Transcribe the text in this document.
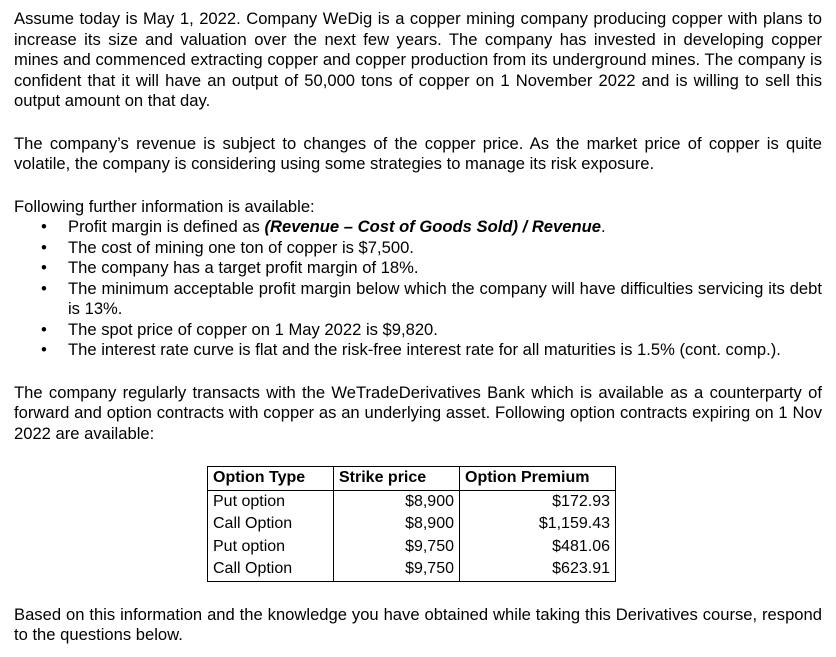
Assume today is May 1, 2022. Company WeDig is a copper mining company producing copper with plans to increase its size and valuation over the next few years. The company has invested in developing copper mines and commenced extracting copper and copper production from its underground mines. The company is confident that it will have an output of 50,000 tons of copper on 1 November 2022 and is willing to sell this output amount on that day.

The company’s revenue is subject to changes of the copper price. As the market price of copper is quite volatile, the company is considering using some strategies to manage its risk exposure.

Following further information is available:

• Profit margin is defined as (Revenue – Cost of Goods Sold) / Revenue.
• The cost of mining one ton of copper is $7,500.
• The company has a target profit margin of 18%.
• The minimum acceptable profit margin below which the company will have difficulties servicing its debt is 13%.
• The spot price of copper on 1 May 2022 is $9,820.
• The interest rate curve is flat and the risk-free interest rate for all maturities is 1.5% (cont. comp.).

The company regularly transacts with the WeTradeDerivatives Bank which is available as a counterparty of forward and option contracts with copper as an underlying asset. Following option contracts expiring on 1 Nov 2022 are available:

Option Type	Strike price	Option Premium
Put option	$8,900	$172.93
Call Option	$8,900	$1,159.43
Put option	$9,750	$481.06
Call Option	$9,750	$623.91

Based on this information and the knowledge you have obtained while taking this Derivatives course, respond to the questions below.
